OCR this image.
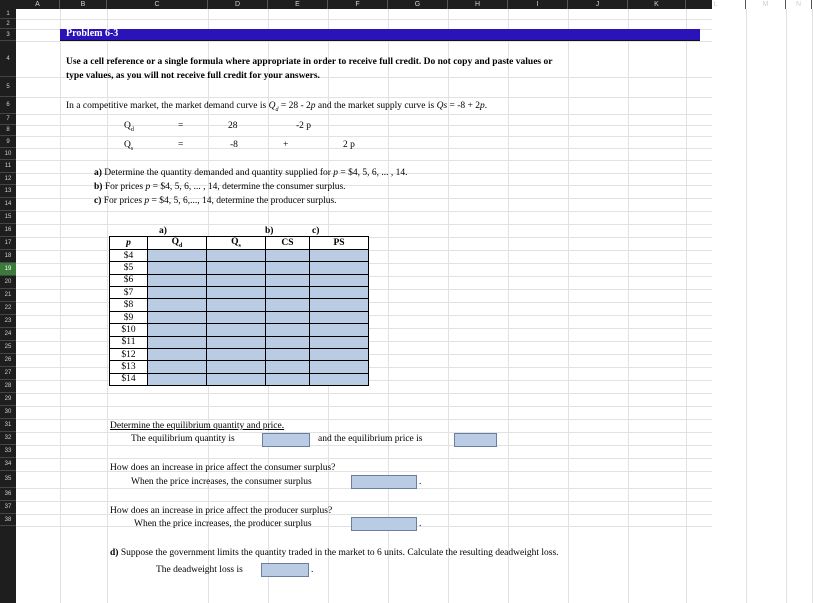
A	B	C	D	E	F	G	H	I	J	K	L	M	N
1
2
3
4
5
6
7
8
9
10
11
12
13
14
15
16
17
18
19
20
21
22
23
24
25
26
27
28
29
30
31
32
33
34
35
36
37
38
Problem 6-3
Use a cell reference or a single formula where appropriate in order to receive full credit. Do not copy and paste values or
type values, as you will not receive full credit for your answers.
In a competitive market, the market demand curve is $Q_d = 28 - 2p$ and the market supply curve is Qs = -8 + 2p.
$Q_d$	=	28	-2 p
$Q_s$	=	-8	+	2 p
a) Determine the quantity demanded and quantity supplied for p = $4, 5, 6, ... , 14.
b) For prices p = $4, 5, 6, ... , 14, determine the consumer surplus.
c) For prices p = $4, 5, 6,..., 14, determine the producer surplus.
a)	b)	c)
p	$Q_d$	$Q_s$	CS	PS
$4				
$5				
$6				
$7				
$8				
$9				
$10				
$11				
$12				
$13				
$14				
Determine the equilibrium quantity and price.
The equilibrium quantity is	and the equilibrium price is
How does an increase in price affect the consumer surplus?
When the price increases, the consumer surplus	.
How does an increase in price affect the producer surplus?
When the price increases, the producer surplus	.
d) Suppose the government limits the quantity traded in the market to 6 units. Calculate the resulting deadweight loss.
The deadweight loss is	.
